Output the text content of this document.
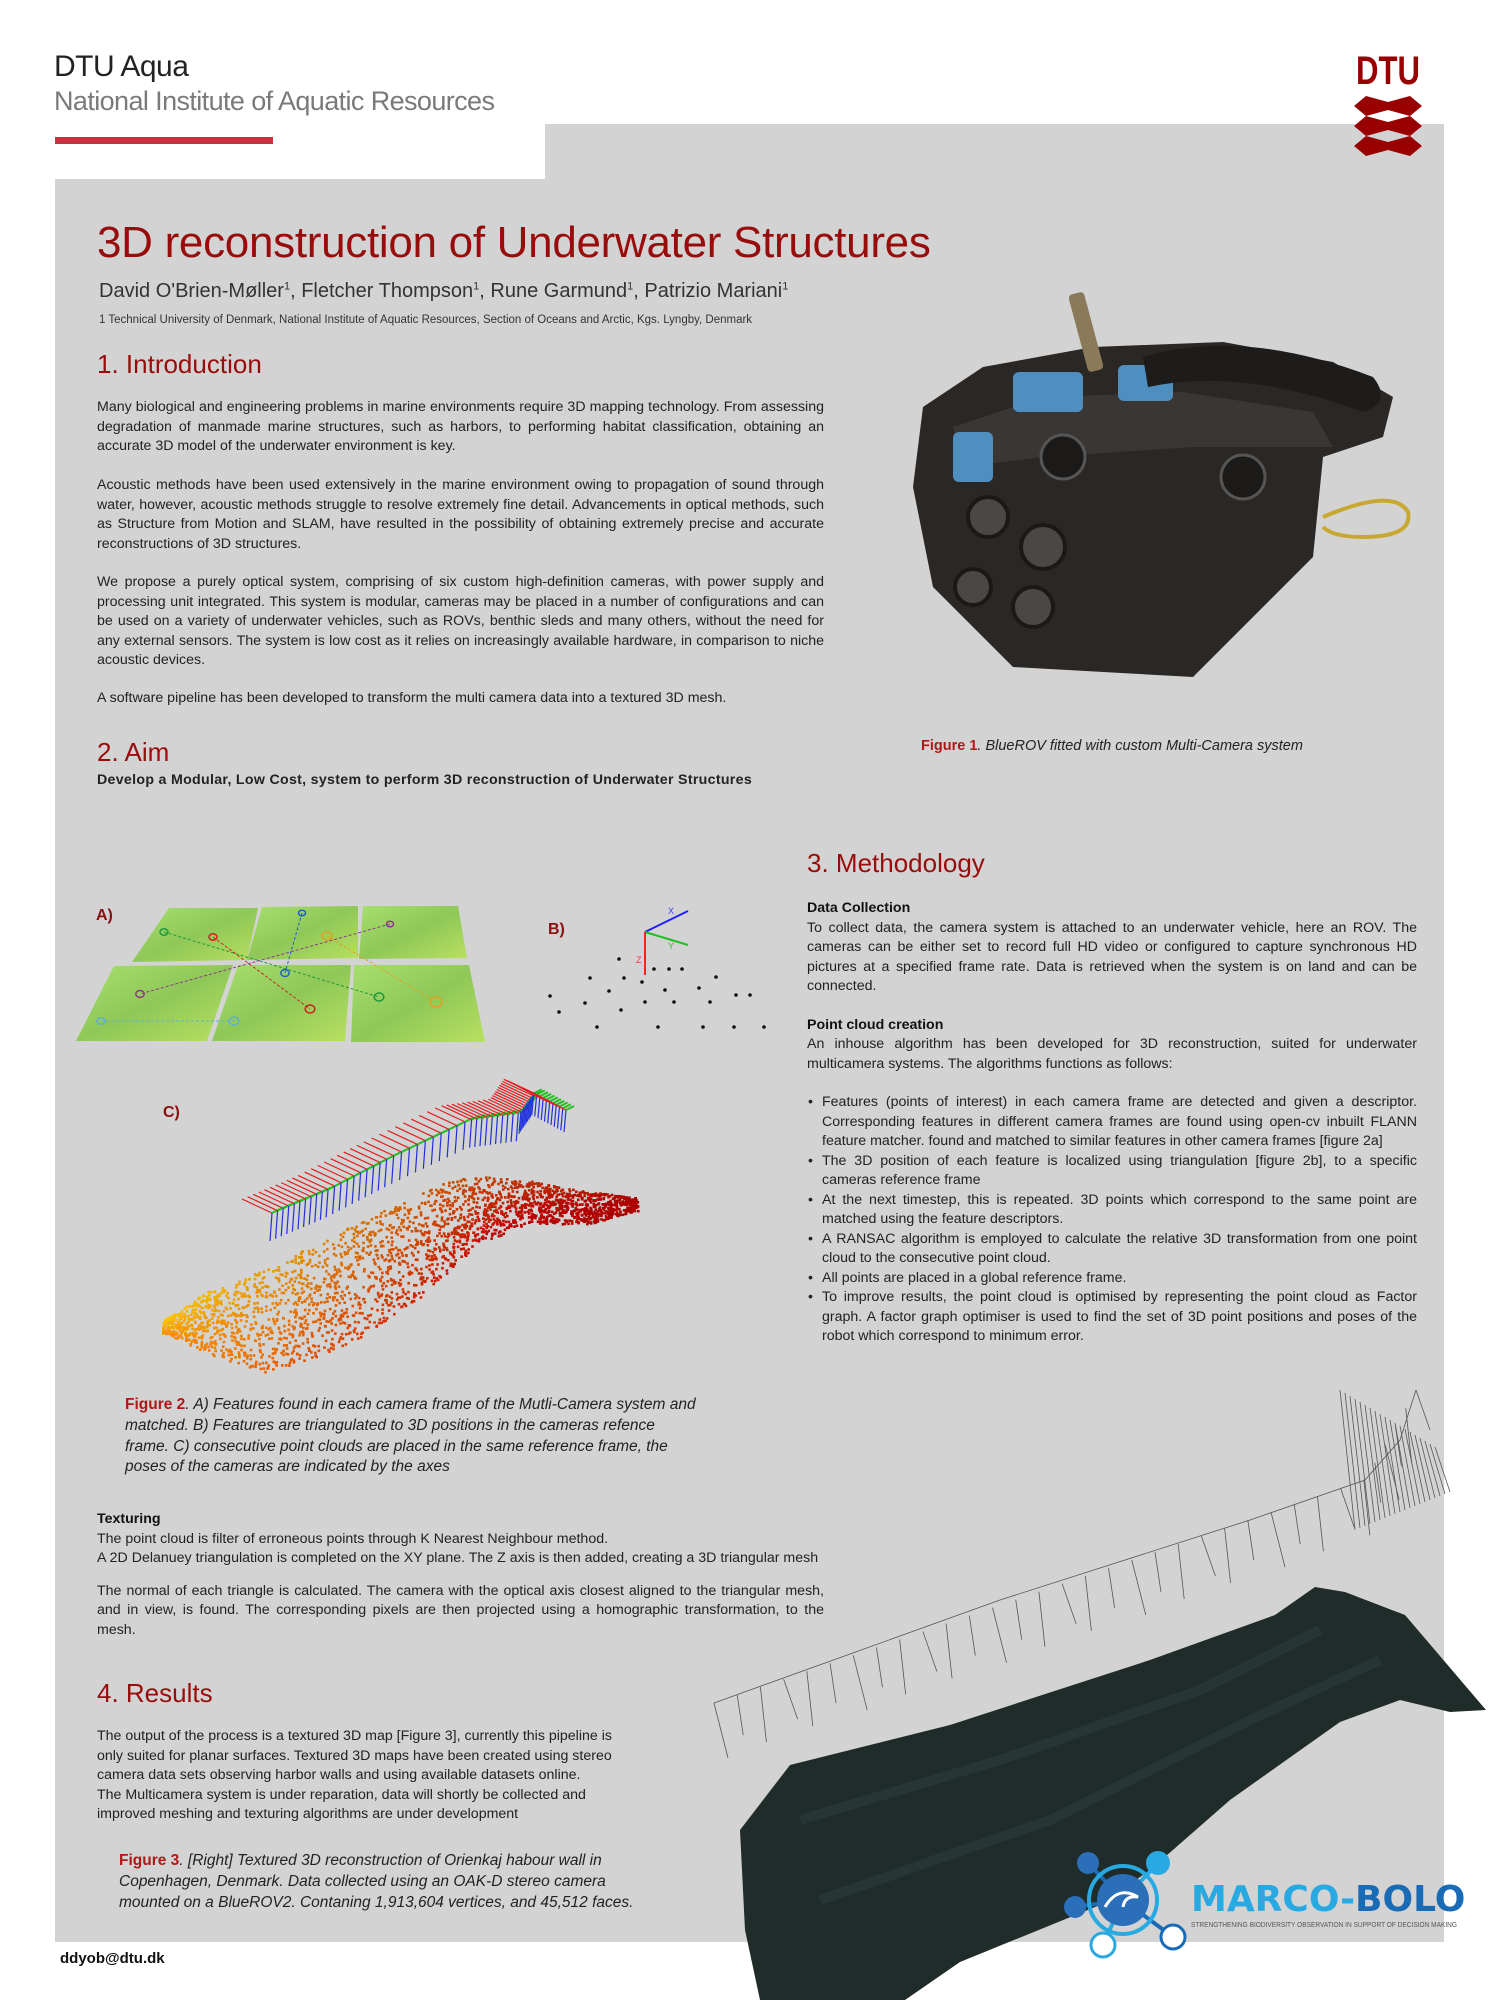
A)
B)
X
Y
Z
C)
DTU Aqua
National Institute of Aquatic Resources
DTU
3D reconstruction of Underwater Structures
David O'Brien-Møller$^1$, Fletcher Thompson$^1$, Rune Garmund$^1$, Patrizio Mariani$^1$
1 Technical University of Denmark, National Institute of Aquatic Resources, Section of Oceans and Arctic, Kgs. Lyngby, Denmark
1. Introduction
Many biological and engineering problems in marine environments require 3D mapping technology. From assessing degradation of manmade marine structures, such as harbors, to performing habitat classification, obtaining an accurate 3D model of the underwater environment is key.
Acoustic methods have been used extensively in the marine environment owing to propagation of sound through water, however, acoustic methods struggle to resolve extremely fine detail. Advancements in optical methods, such as Structure from Motion and SLAM, have resulted in the possibility of obtaining extremely precise and accurate reconstructions of 3D structures.
We propose a purely optical system, comprising of six custom high-definition cameras, with power supply and processing unit integrated. This system is modular, cameras may be placed in a number of configurations and can be used on a variety of underwater vehicles, such as ROVs, benthic sleds and many others, without the need for any external sensors. The system is low cost as it relies on increasingly available hardware, in comparison to niche acoustic devices.
A software pipeline has been developed to transform the multi camera data into a textured 3D mesh.
2. Aim
Develop a Modular, Low Cost, system to perform 3D reconstruction of Underwater Structures
Figure 1. BlueROV fitted with custom Multi-Camera system
3. Methodology
Data Collection
To collect data, the camera system is attached to an underwater vehicle, here an ROV. The cameras can be either set to record full HD video or configured to capture synchronous HD pictures at a specified frame rate. Data is retrieved when the system is on land and can be connected.
Point cloud creation
An inhouse algorithm has been developed for 3D reconstruction, suited for underwater multicamera systems. The algorithms functions as follows:
• Features (points of interest) in each camera frame are detected and given a descriptor. Corresponding features in different camera frames are found using open-cv inbuilt FLANN feature matcher. found and matched to similar features in other camera frames [figure 2a]
• The 3D position of each feature is localized using triangulation [figure 2b], to a specific cameras reference frame
• At the next timestep, this is repeated. 3D points which correspond to the same point are matched using the feature descriptors.
• A RANSAC algorithm is employed to calculate the relative 3D transformation from one point cloud to the consecutive point cloud.
• All points are placed in a global reference frame.
• To improve results, the point cloud is optimised by representing the point cloud as Factor graph. A factor graph optimiser is used to find the set of 3D point positions and poses of the robot which correspond to minimum error.
Figure 2. A) Features found in each camera frame of the Mutli-Camera system and
matched. B) Features are triangulated to 3D positions in the cameras refence
frame. C) consecutive point clouds are placed in the same reference frame, the
poses of the cameras are indicated by the axes
Texturing
The point cloud is filter of erroneous points through K Nearest Neighbour method.
A 2D Delanuey triangulation is completed on the XY plane. The Z axis is then added, creating a 3D triangular mesh
The normal of each triangle is calculated. The camera with the optical axis closest aligned to the triangular mesh, and in view, is found. The corresponding pixels are then projected using a homographic transformation, to the mesh.
4. Results
The output of the process is a textured 3D map [Figure 3], currently this pipeline is
only suited for planar surfaces. Textured 3D maps have been created using stereo
camera data sets observing harbor walls and using available datasets online.
The Multicamera system is under reparation, data will shortly be collected and
improved meshing and texturing algorithms are under development
Figure 3. [Right] Textured 3D reconstruction of Orienkaj habour wall in
Copenhagen, Denmark. Data collected using an OAK-D stereo camera
mounted on a BlueROV2. Contaning 1,913,604 vertices, and 45,512 faces.	MARCO-BOLO
STRENGTHENING BIODIVERSITY OBSERVATION IN SUPPORT OF DECISION MAKING
ddyob@dtu.dk
